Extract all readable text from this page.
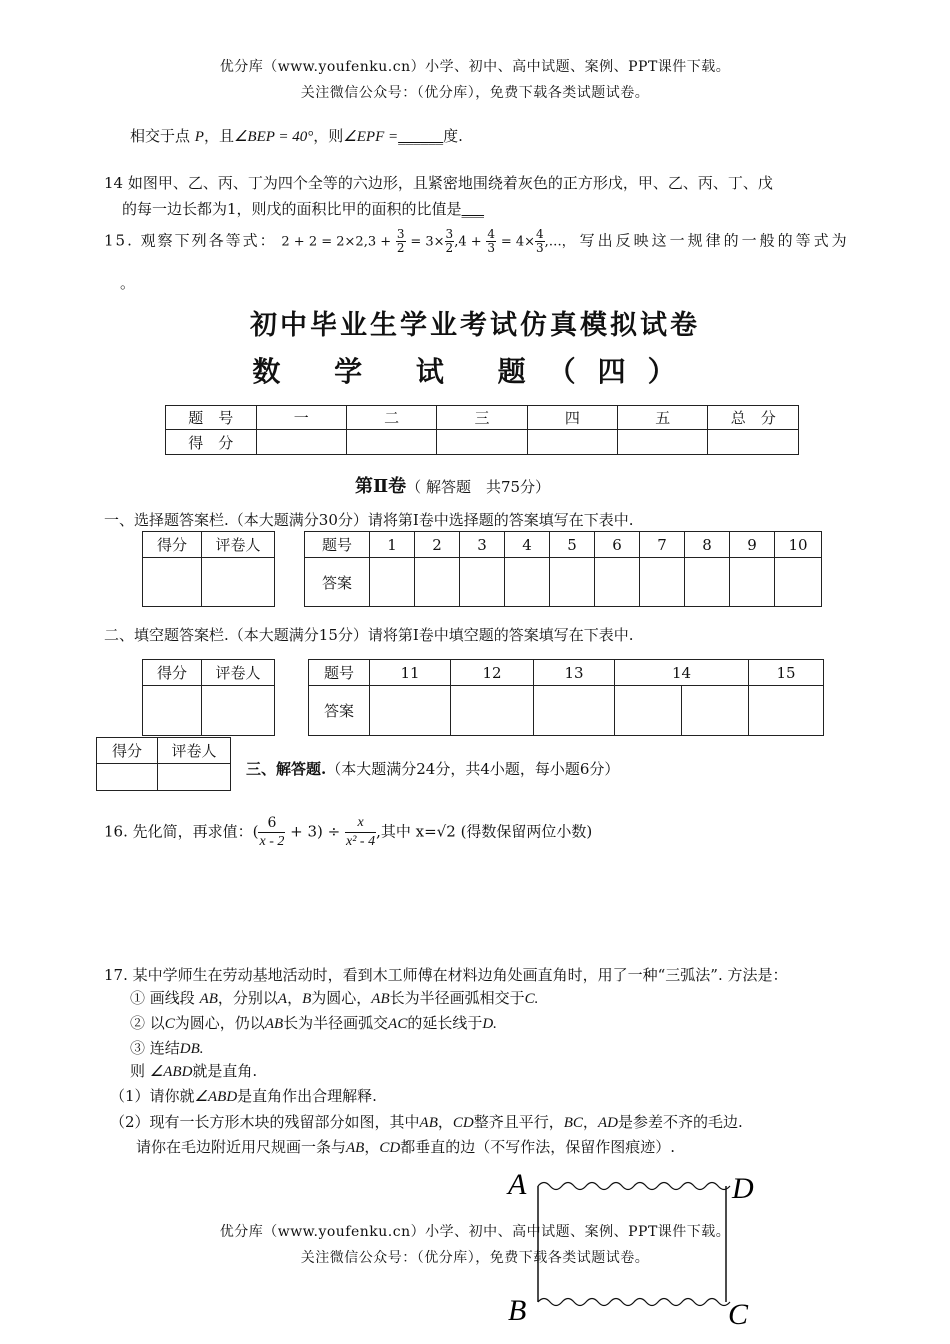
优分库（www.youfenku.cn）小学、初中、高中试题、案例、PPT课件下载。
关注微信公众号：（优分库），免费下载各类试题试卷。
相交于点 P，且∠BEP = 40°，则∠EPF =______度.
14 如图甲、乙、丙、丁为四个全等的六边形，且紧密地围绕着灰色的正方形戊，甲、乙、丙、丁、戊
的每一边长都为1，则戊的面积比甲的面积的比值是___
15. 观察下列各等式： $2 + 2 = 2\times 2,3 + \frac{3}{2} = 3\times \frac{3}{2} ,4 + \frac{4}{3} = 4\times \frac{4}{3}$ ,…， 写出反映这一规律的一般的等式为
。
初中毕业生学业考试仿真模拟试卷
数 学 试 题（四）
题　号	一	二	三	四	五	总　分
得　分						
第Ⅱ卷（ 解答题　共75分）
一、选择题答案栏.（本大题满分30分）请将第Ⅰ卷中选择题的答案填写在下表中.
得分	评卷人
		题号	1	2	3	4	5	6	7	8	9	10
答案										
二、填空题答案栏.（本大题满分15分）请将第Ⅰ卷中填空题的答案填写在下表中.
得分	评卷人
		题号	11	12	13	14		15
答案						
得分	评卷人

三、解答题.（本大题满分24分，共4小题，每小题6分）
16. 先化简，再求值：( $\frac{6}{x - 2} + 3) \div \frac{x}{\text{x² - 4}}$ ,其中 x=√2 (得数保留两位小数)
17. 某中学师生在劳动基地活动时，看到木工师傅在材料边角处画直角时，用了一种“三弧法”. 方法是：
① 画线段 AB，分别以A，B为圆心，AB长为半径画弧相交于C.
② 以C为圆心，仍以AB长为半径画弧交AC的延长线于D.
③ 连结DB.
则 ∠ABD就是直角.
（1）请你就∠ABD是直角作出合理解释.
（2）现有一长方形木块的残留部分如图，其中AB，CD整齐且平行，BC，AD是参差不齐的毛边.
请你在毛边附近用尺规画一条与AB，CD都垂直的边（不写作法，保留作图痕迹）.
A	D
B	C
优分库（www.youfenku.cn）小学、初中、高中试题、案例、PPT课件下载。
关注微信公众号：（优分库），免费下载各类试题试卷。
